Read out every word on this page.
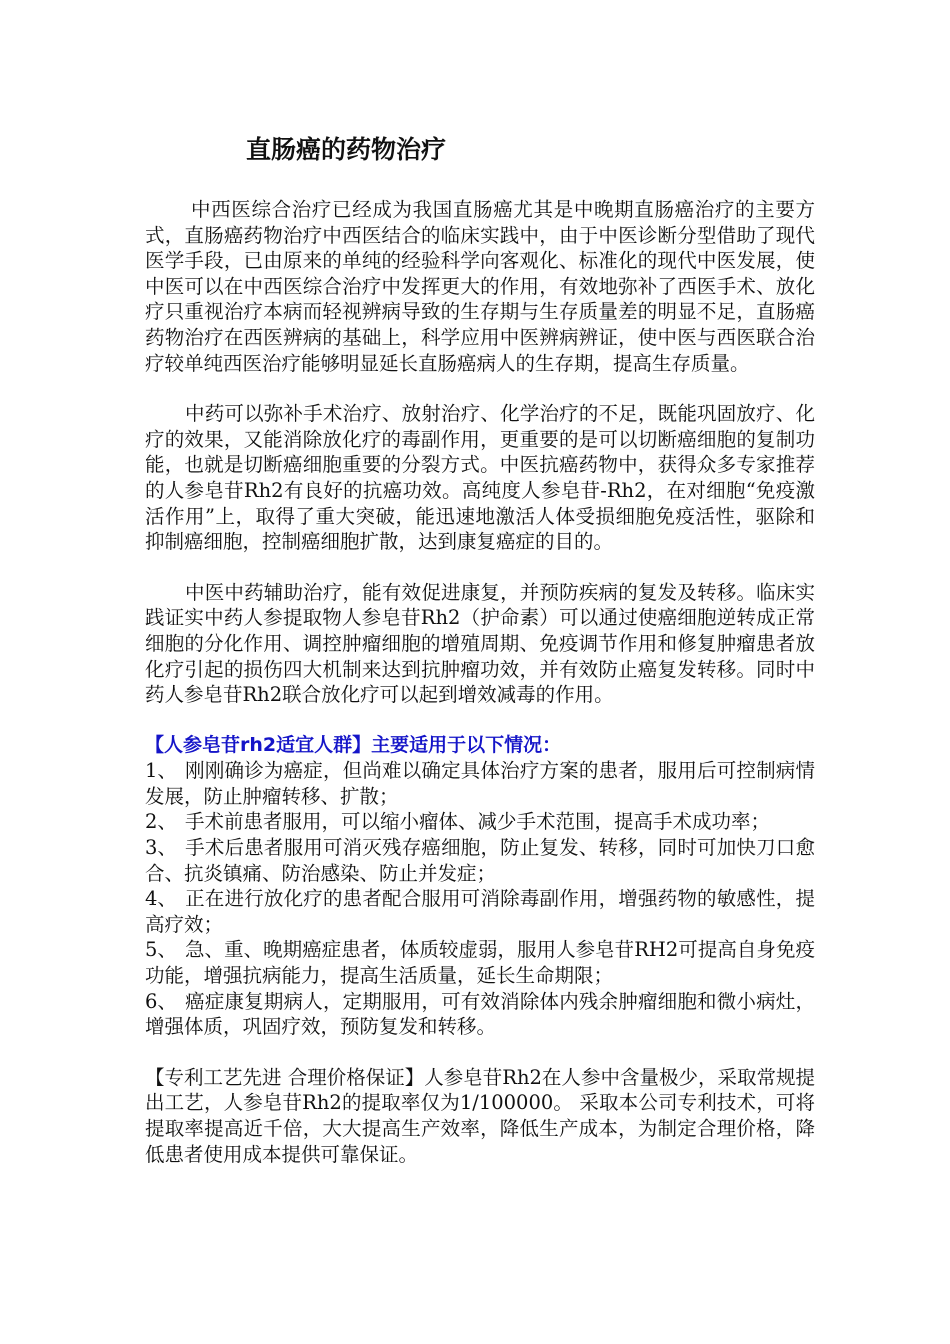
直肠癌的药物治疗

中西医综合治疗已经成为我国直肠癌尤其是中晚期直肠癌治疗的主要方式，直肠癌药物治疗中西医结合的临床实践中，由于中医诊断分型借助了现代医学手段，已由原来的单纯的经验科学向客观化、标准化的现代中医发展，使中医可以在中西医综合治疗中发挥更大的作用，有效地弥补了西医手术、放化疗只重视治疗本病而轻视辨病导致的生存期与生存质量差的明显不足，直肠癌药物治疗在西医辨病的基础上，科学应用中医辨病辨证，使中医与西医联合治疗较单纯西医治疗能够明显延长直肠癌病人的生存期，提高生存质量。

中药可以弥补手术治疗、放射治疗、化学治疗的不足，既能巩固放疗、化疗的效果，又能消除放化疗的毒副作用，更重要的是可以切断癌细胞的复制功能，也就是切断癌细胞重要的分裂方式。中医抗癌药物中，获得众多专家推荐的人参皂苷Rh2有良好的抗癌功效。高纯度人参皂苷-Rh2，在对细胞“免疫激活作用”上，取得了重大突破，能迅速地激活人体受损细胞免疫活性，驱除和抑制癌细胞，控制癌细胞扩散，达到康复癌症的目的。

中医中药辅助治疗，能有效促进康复，并预防疾病的复发及转移。临床实践证实中药人参提取物人参皂苷Rh2（护命素）可以通过使癌细胞逆转成正常细胞的分化作用、调控肿瘤细胞的增殖周期、免疫调节作用和修复肿瘤患者放化疗引起的损伤四大机制来达到抗肿瘤功效，并有效防止癌复发转移。同时中药人参皂苷Rh2联合放化疗可以起到增效减毒的作用。

【人参皂苷rh2适宜人群】主要适用于以下情况：

1、 刚刚确诊为癌症，但尚难以确定具体治疗方案的患者，服用后可控制病情发展，防止肿瘤转移、扩散；
2、 手术前患者服用，可以缩小瘤体、减少手术范围，提高手术成功率；
3、 手术后患者服用可消灭残存癌细胞，防止复发、转移，同时可加快刀口愈合、抗炎镇痛、防治感染、防止并发症；
4、 正在进行放化疗的患者配合服用可消除毒副作用，增强药物的敏感性，提高疗效；
5、 急、重、晚期癌症患者，体质较虚弱，服用人参皂苷RH2可提高自身免疫功能，增强抗病能力，提高生活质量，延长生命期限；
6、 癌症康复期病人，定期服用，可有效消除体内残余肿瘤细胞和微小病灶，增强体质，巩固疗效，预防复发和转移。

【专利工艺先进 合理价格保证】人参皂苷Rh2在人参中含量极少，采取常规提出工艺，人参皂苷Rh2的提取率仅为1/100000。 采取本公司专利技术，可将提取率提高近千倍，大大提高生产效率，降低生产成本，为制定合理价格，降低患者使用成本提供可靠保证。
